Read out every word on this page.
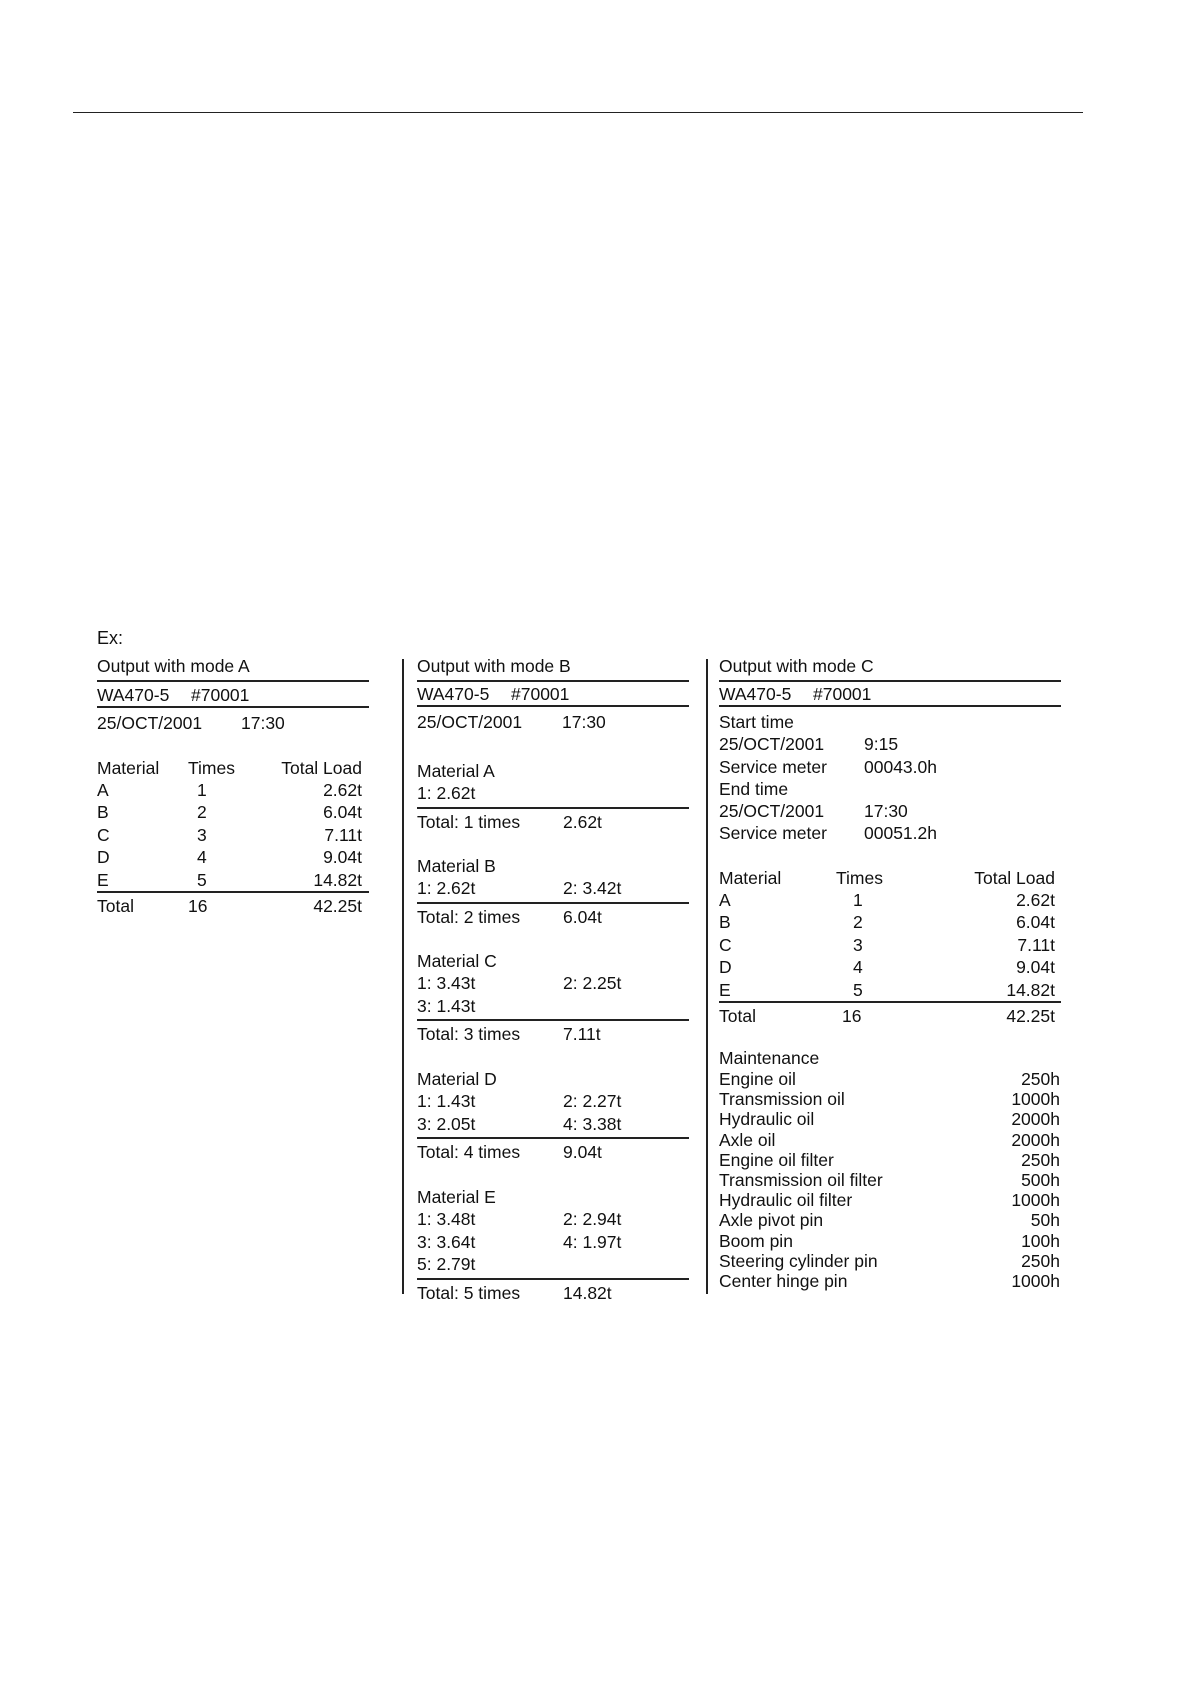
Ex:
Output with mode A
WA470-5 #70001
25/OCT/2001 17:30
Material Times	Total Load
A	1	2.62t
B	2	6.04t
C	3	7.11t
D	4	9.04t
E	5	14.82t
Total	16	42.25t
Output with mode B
WA470-5 #70001
25/OCT/2001 17:30
Material A
1: 2.62t
Total: 1 times 2.62t
Material B
1: 2.62t	2: 3.42t
Total: 2 times 6.04t
Material C
1: 3.43t	2: 2.25t
3: 1.43t
Total: 3 times 7.11t
Material D
1: 1.43t	2: 2.27t
3: 2.05t	4: 3.38t
Total: 4 times 9.04t
Material E
1: 3.48t	2: 2.94t
3: 3.64t	4: 1.97t
5: 2.79t
Total: 5 times 14.82t
Output with mode C
WA470-5 #70001
Start time
25/OCT/2001 9:15
Service meter 00043.0h
End time
25/OCT/2001 17:30
Service meter 00051.2h
Material	Times	Total Load
A	1	2.62t
B	2	6.04t
C	3	7.11t
D	4	9.04t
E	5	14.82t
Total	16	42.25t
Maintenance
Engine oil	250h
Transmission oil	1000h
Hydraulic oil	2000h
Axle oil	2000h
Engine oil filter	250h
Transmission oil filter	500h
Hydraulic oil filter	1000h
Axle pivot pin	50h
Boom pin	100h
Steering cylinder pin	250h
Center hinge pin	1000h
